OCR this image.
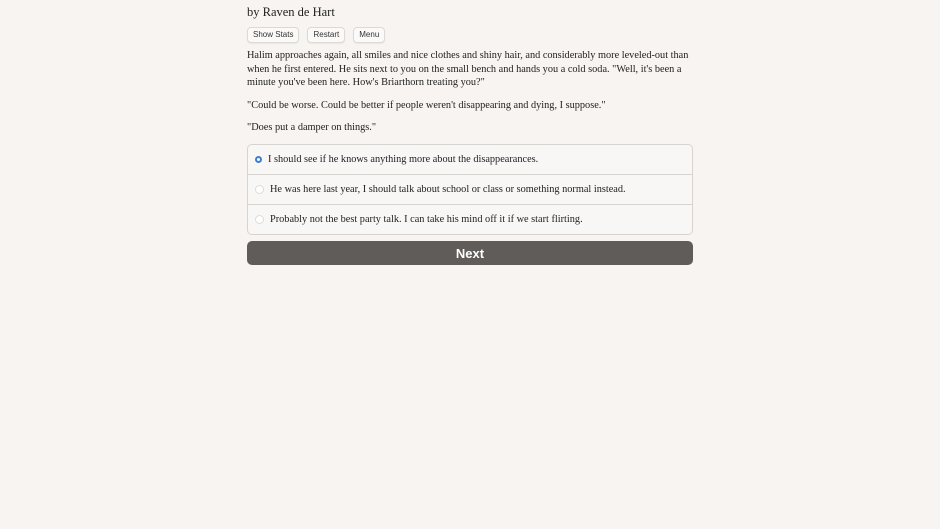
by Raven de Hart
Show Stats	Restart	Menu

Halim approaches again, all smiles and nice clothes and shiny hair, and considerably more leveled-out than when he first entered. He sits next to you on the small bench and hands you a cold soda. "Well, it's been a minute you've been here. How's Briarthorn treating you?"

"Could be worse. Could be better if people weren't disappearing and dying, I suppose."

"Does put a damper on things."

I should see if he knows anything more about the disappearances.
He was here last year, I should talk about school or class or something normal instead.
Probably not the best party talk. I can take his mind off it if we start flirting.
Next
